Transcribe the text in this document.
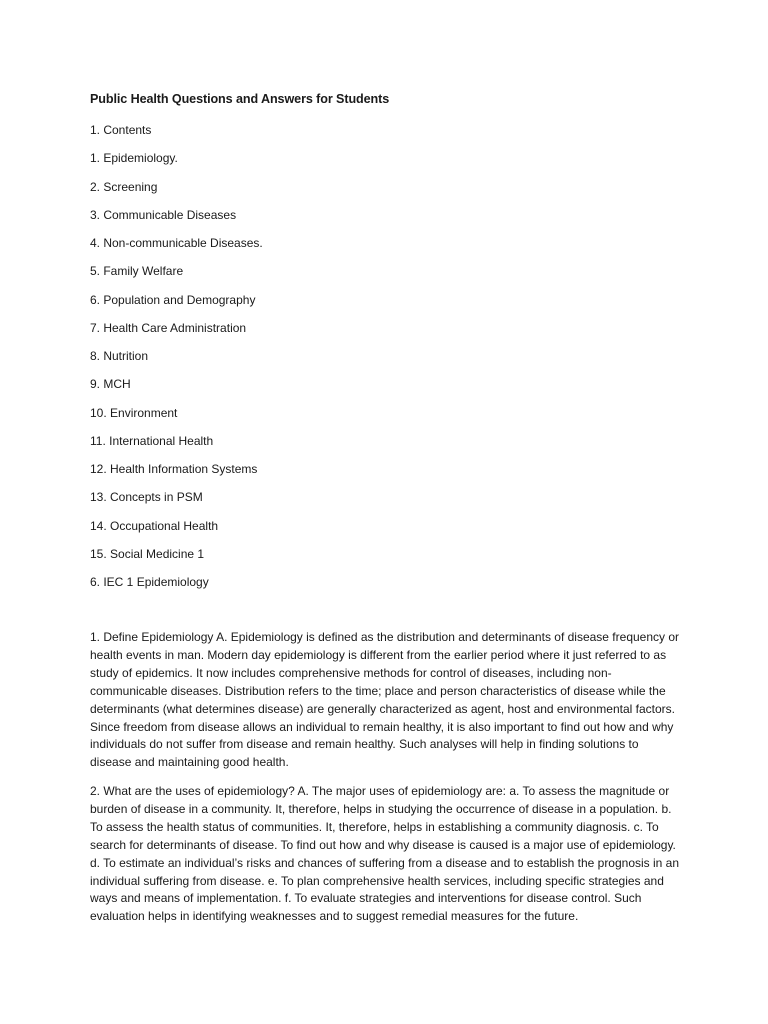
Public Health Questions and Answers for Students
1. Contents
1. Epidemiology.
2. Screening
3. Communicable Diseases
4. Non-communicable Diseases.
5. Family Welfare
6. Population and Demography
7. Health Care Administration
8. Nutrition
9. MCH
10. Environment
11. International Health
12. Health Information Systems
13. Concepts in PSM
14. Occupational Health
15. Social Medicine 1
6. IEC 1 Epidemiology

1. Define Epidemiology A. Epidemiology is defined as the distribution and determinants of disease frequency or health events in man. Modern day epidemiology is different from the earlier period where it just referred to as study of epidemics. It now includes comprehensive methods for control of diseases, including non- communicable diseases. Distribution refers to the time; place and person characteristics of disease while the determinants (what determines disease) are generally characterized as agent, host and environmental factors. Since freedom from disease allows an individual to remain healthy, it is also important to find out how and why individuals do not suffer from disease and remain healthy. Such analyses will help in finding solutions to disease and maintaining good health.

2. What are the uses of epidemiology? A. The major uses of epidemiology are: a. To assess the magnitude or burden of disease in a community. It, therefore, helps in studying the occurrence of disease in a population. b. To assess the health status of communities. It, therefore, helps in establishing a community diagnosis. c. To search for determinants of disease. To find out how and why disease is caused is a major use of epidemiology. d. To estimate an individual’s risks and chances of suffering from a disease and to establish the prognosis in an individual suffering from disease. e. To plan comprehensive health services, including specific strategies and ways and means of implementation. f. To evaluate strategies and interventions for disease control. Such evaluation helps in identifying weaknesses and to suggest remedial measures for the future.
